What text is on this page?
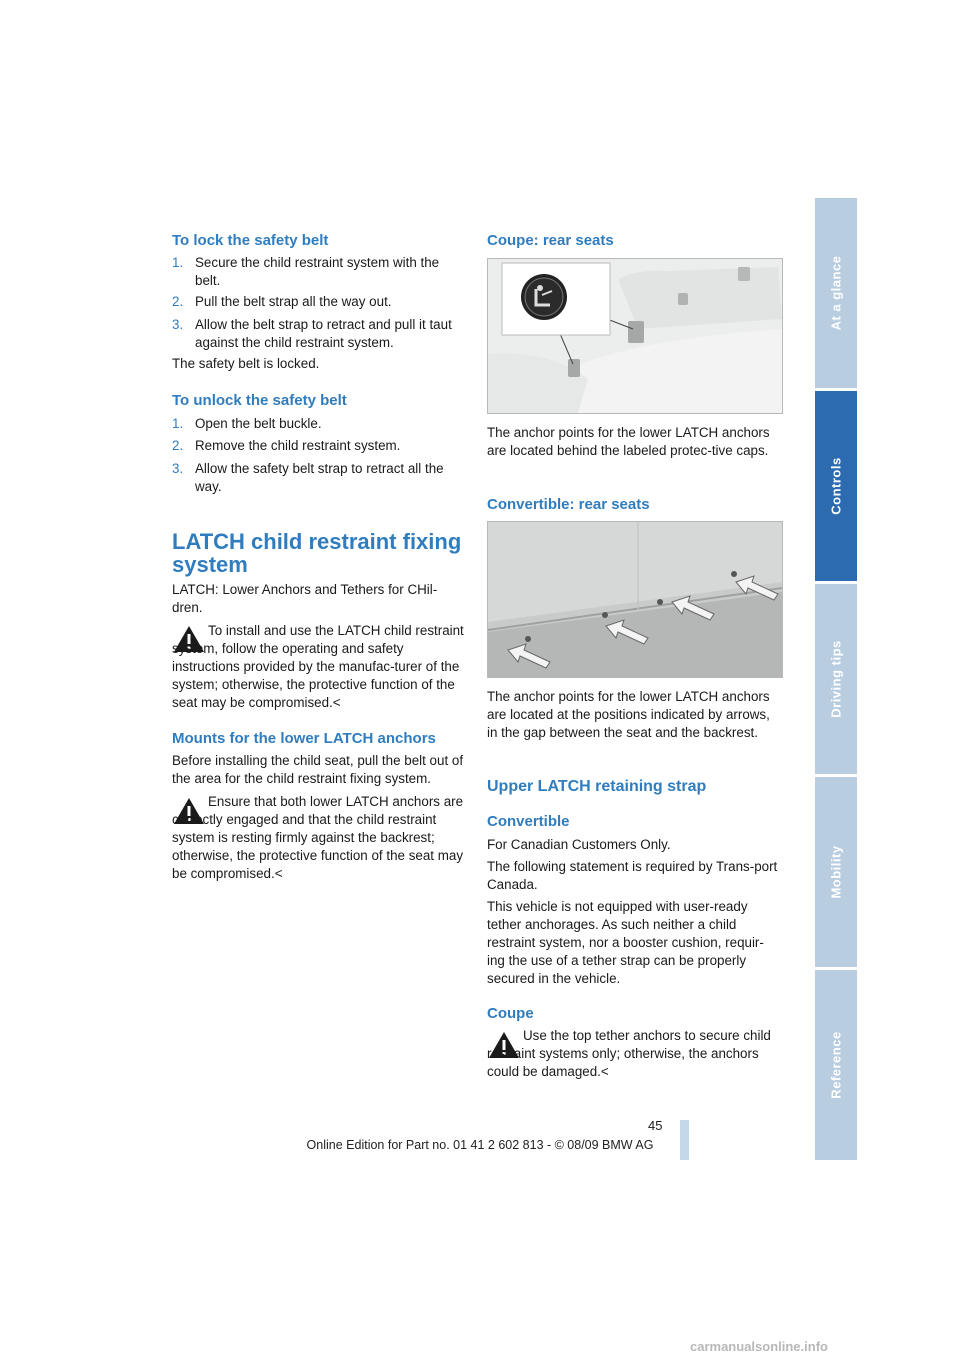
To lock the safety belt
1. Secure the child restraint system with the belt.
2. Pull the belt strap all the way out.
3. Allow the belt strap to retract and pull it taut against the child restraint system.
The safety belt is locked.
To unlock the safety belt
1. Open the belt buckle.
2. Remove the child restraint system.
3. Allow the safety belt strap to retract all the way.
LATCH child restraint fixing
system
LATCH: Lower Anchors and Tethers for CHil-dren.
To install and use the LATCH child restraint system, follow the operating and safety instructions provided by the manufac-turer of the system; otherwise, the protective function of the seat may be compromised.<
Mounts for the lower LATCH anchors
Before installing the child seat, pull the belt out of the area for the child restraint fixing system.
Ensure that both lower LATCH anchors are correctly engaged and that the child restraint system is resting firmly against the backrest; otherwise, the protective function of the seat may be compromised.<
Coupe: rear seats
The anchor points for the lower LATCH anchors are located behind the labeled protec-tive caps.
Convertible: rear seats
The anchor points for the lower LATCH anchors are located at the positions indicated by arrows, in the gap between the seat and the backrest.
Upper LATCH retaining strap
Convertible
For Canadian Customers Only.
The following statement is required by Trans-port Canada.
This vehicle is not equipped with user-ready tether anchorages. As such neither a child restraint system, nor a booster cushion, requir-ing the use of a tether strap can be properly secured in the vehicle.
Coupe
Use the top tether anchors to secure child restraint systems only; otherwise, the anchors could be damaged.<
At a glance
Controls
Driving tips
Mobility
Reference
45
Online Edition for Part no. 01 41 2 602 813 - © 08/09 BMW AG
carmanualsonline.info
